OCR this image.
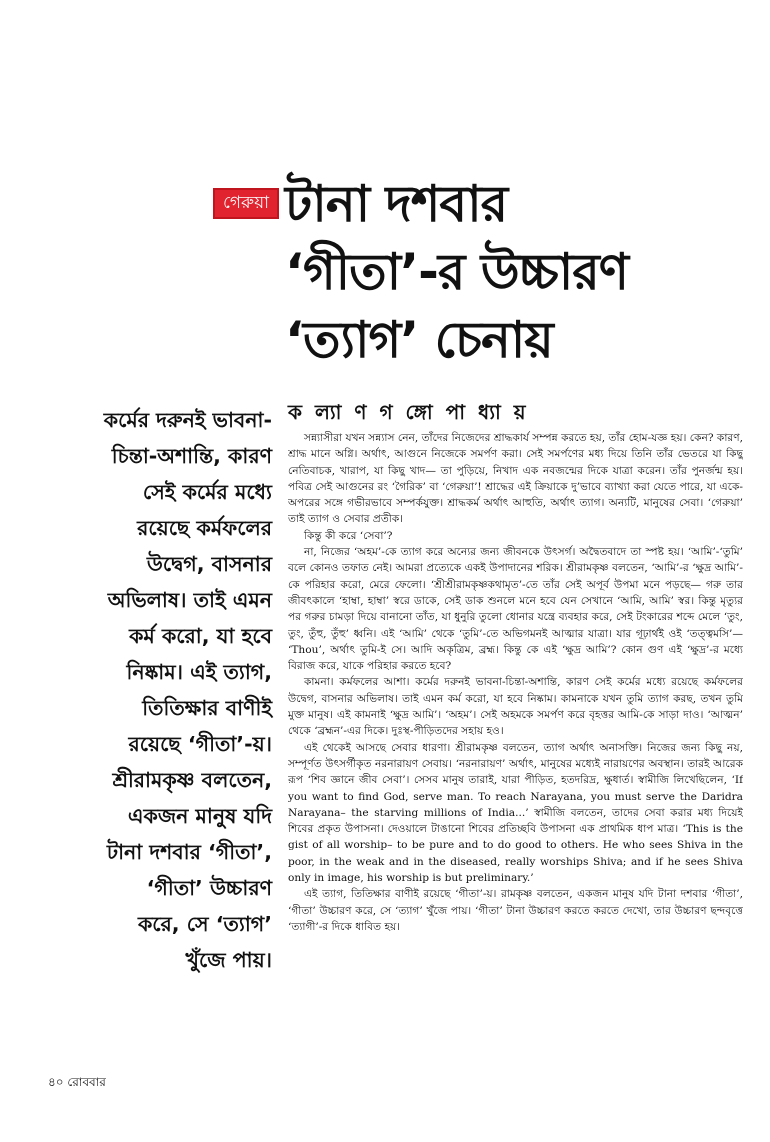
গেরুয়া টানা দশবার
‘গীতা’-র উচ্চারণ
‘ত্যাগ’ চেনায়
ক ল্যা ণ গ ঙ্গো পা ধ্যা য়
কর্মের দরুনই ভাবনা-চিন্তা-অশান্তি, কারণ সেই কর্মের মধ্যে রয়েছে কর্মফলের উদ্বেগ, বাসনার অভিলাষ। তাই এমন কর্ম করো, যা হবে নিষ্কাম। এই ত্যাগ, তিতিক্ষার বাণীই রয়েছে ‘গীতা’-য়। শ্রীরামকৃষ্ণ বলতেন, একজন মানুষ যদি টানা দশবার ‘গীতা’, ‘গীতা’ উচ্চারণ করে, সে ‘ত্যাগ’ খুঁজে পায়।

সন্ন্যাসীরা যখন সন্ন্যাস নেন, তাঁদের নিজেদের শ্রাদ্ধকার্য সম্পন্ন করতে হয়, তাঁর হোম-যজ্ঞ হয়। কেন? কারণ, শ্রাদ্ধ মানে অগ্নি। অর্থাৎ, আগুনে নিজেকে সমর্পণ করা। সেই সমর্পণের মধ্য দিয়ে তিনি তাঁর ভেতরে যা কিছু নেতিবাচক, খারাপ, যা কিছু খাদ— তা পুড়িয়ে, নিখাদ এক নবজন্মের দিকে যাত্রা করেন। তাঁর পুনর্জন্ম হয়। পবিত্র সেই আগুনের রং ‘গৈরিক’ বা ‘গেরুয়া’! শ্রাদ্ধের এই ক্রিয়াকে দু’ভাবে ব্যাখ্যা করা যেতে পারে, যা একে-অপরের সঙ্গে গভীরভাবে সম্পর্কযুক্ত। শ্রাদ্ধকর্ম অর্থাৎ আহুতি, অর্থাৎ ত্যাগ। অন্যটি, মানুষের সেবা। ‘গেরুয়া’ তাই ত্যাগ ও সেবার প্রতীক।

কিন্তু কী করে ‘সেবা’?

না, নিজের ‘অহম’-কে ত্যাগ করে অন্যের জন্য জীবনকে উৎসর্গ। অদ্বৈতবাদে তা স্পষ্ট হয়। ‘আমি’-‘তুমি’ বলে কোনও তফাত নেই। আমরা প্রত্যেকে একই উপাদানের শরিক। শ্রীরামকৃষ্ণ বলতেন, ‘আমি’-র ‘ক্ষুদ্র আমি’-কে পরিহার করো, মেরে ফেলো। ‘শ্রীশ্রীরামকৃষ্ণকথামৃত’-তে তাঁর সেই অপূর্ব উপমা মনে পড়ছে— গরু তার জীবৎকালে ‘হাম্বা, হাম্বা’ স্বরে ডাকে, সেই ডাক শুনলে মনে হবে যেন সেখানে ‘আমি, আমি’ স্বর। কিন্তু মৃত্যুর পর গরুর চামড়া দিয়ে বানানো তাঁত, যা ধুনুরি তুলো ধোনার যন্ত্রে ব্যবহার করে, সেই টংকারের শব্দে মেলে ‘তুং, তুং, তুঁহু, তুঁহু’ ধ্বনি। এই ‘আমি’ থেকে ‘তুমি’-তে অভিগমনই আত্মার যাত্রা। যার গূঢ়ার্থই ওই ‘তত্ত্বমসি’— ‘Thou’, অর্থাৎ তুমি-ই সে। আদি অকৃত্রিম, ব্রহ্ম। কিন্তু কে এই ‘ক্ষুদ্র আমি’? কোন গুণ এই ‘ক্ষুদ্র’-র মধ্যে বিরাজ করে, যাকে পরিহার করতে হবে?

কামনা। কর্মফলের আশা। কর্মের দরুনই ভাবনা-চিন্তা-অশান্তি, কারণ সেই কর্মের মধ্যে রয়েছে কর্মফলের উদ্বেগ, বাসনার অভিলাষ। তাই এমন কর্ম করো, যা হবে নিষ্কাম। কামনাকে যখন তুমি ত্যাগ করছ, তখন তুমি মুক্ত মানুষ। এই কামনাই ‘ক্ষুদ্র আমি’। ‘অহম’। সেই অহমকে সমর্পণ করে বৃহত্তর আমি-কে সাড়া দাও। ‘আত্মন’ থেকে ‘ব্রহ্মন’-এর দিকে। দুঃস্থ-পীড়িতদের সহায় হও।

এই থেকেই আসছে সেবার ধারণা। শ্রীরামকৃষ্ণ বলতেন, ত্যাগ অর্থাৎ অনাসক্তি। নিজের জন্য কিছু নয়, সম্পূর্ণত উৎসর্গীকৃত নরনারায়ণ সেবায়। ‘নরনারায়ণ’ অর্থাৎ, মানুষের মধ্যেই নারায়ণের অবস্থান। তারই আরেক রূপ ‘শিব জ্ঞানে জীব সেবা’। সেসব মানুষ তারাই, যারা পীড়িত, হতদরিদ্র, ক্ষুধার্ত। স্বামীজি লিখেছিলেন, ‘If you want to find God, serve man. To reach Narayana, you must serve the Daridra Narayana– the starving millions of India...’ স্বামীজি বলতেন, তাদের সেবা করার মধ্য দিয়েই শিবের প্রকৃত উপাসনা। দেওয়ালে টাঙানো শিবের প্রতিচ্ছবি উপাসনা এক প্রাথমিক ধাপ মাত্র। ‘This is the gist of all worship– to be pure and to do good to others. He who sees Shiva in the poor, in the weak and in the diseased, really worships Shiva; and if he sees Shiva only in image, his worship is but preliminary.’

এই ত্যাগ, তিতিক্ষার বাণীই রয়েছে ‘গীতা’-য়। রামকৃষ্ণ বলতেন, একজন মানুষ যদি টানা দশবার ‘গীতা’, ‘গীতা’ উচ্চারণ করে, সে ‘ত্যাগ’ খুঁজে পায়। ‘গীতা’ টানা উচ্চারণ করতে করতে দেখো, তার উচ্চারণ ছন্দবৃত্তে ‘ত্যাগী’-র দিকে ধাবিত হয়।

৪০ রোববার
